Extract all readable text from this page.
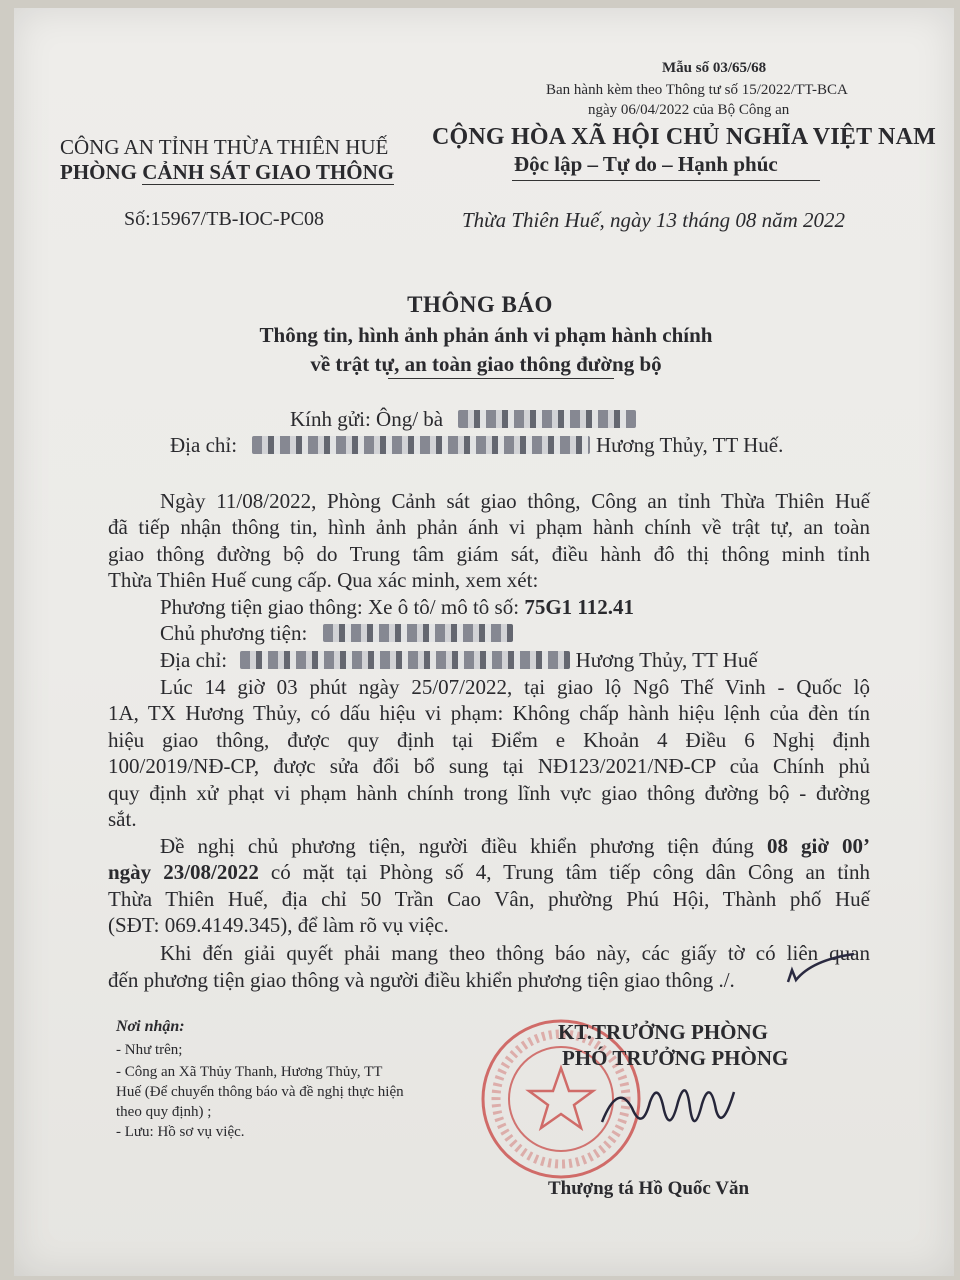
Mẫu số 03/65/68
Ban hành kèm theo Thông tư số 15/2022/TT-BCA
ngày 06/04/2022 của Bộ Công an
CÔNG AN TỈNH THỪA THIÊN HUẾ
PHÒNG CẢNH SÁT GIAO THÔNG
CỘNG HÒA XÃ HỘI CHỦ NGHĨA VIỆT NAM
Độc lập – Tự do – Hạnh phúc
Số:15967/TB-IOC-PC08	Thừa Thiên Huế, ngày 13 tháng 08 năm 2022
THÔNG BÁO
Thông tin, hình ảnh phản ánh vi phạm hành chính
về trật tự, an toàn giao thông đường bộ
Kính gửi: Ông/ bà
Địa chỉ:	Hương Thủy, TT Huế.
Ngày 11/08/2022, Phòng Cảnh sát giao thông, Công an tỉnh Thừa Thiên Huế
đã tiếp nhận thông tin, hình ảnh phản ánh vi phạm hành chính về trật tự, an toàn
giao thông đường bộ do Trung tâm giám sát, điều hành đô thị thông minh tỉnh
Thừa Thiên Huế cung cấp. Qua xác minh, xem xét:
Phương tiện giao thông: Xe ô tô/ mô tô số: 75G1 112.41
Chủ phương tiện:
Địa chỉ:	Hương Thủy, TT Huế
Lúc 14 giờ 03 phút ngày 25/07/2022, tại giao lộ Ngô Thế Vinh - Quốc lộ
1A, TX Hương Thủy, có dấu hiệu vi phạm: Không chấp hành hiệu lệnh của đèn tín
hiệu giao thông, được quy định tại Điểm e Khoản 4 Điều 6 Nghị định
100/2019/NĐ-CP, được sửa đổi bổ sung tại NĐ123/2021/NĐ-CP của Chính phủ
quy định xử phạt vi phạm hành chính trong lĩnh vực giao thông đường bộ - đường
sắt.
Đề nghị chủ phương tiện, người điều khiển phương tiện đúng 08 giờ 00’
ngày 23/08/2022 có mặt tại Phòng số 4, Trung tâm tiếp công dân Công an tỉnh
Thừa Thiên Huế, địa chỉ 50 Trần Cao Vân, phường Phú Hội, Thành phố Huế
(SĐT: 069.4149.345), để làm rõ vụ việc.
Khi đến giải quyết phải mang theo thông báo này, các giấy tờ có liên quan
đến phương tiện giao thông và người điều khiển phương tiện giao thông ./.
Nơi nhận:
- Như trên;
- Công an Xã Thủy Thanh, Hương Thủy, TT
Huế (Để chuyển thông báo và đề nghị thực hiện
theo quy định) ;
- Lưu: Hồ sơ vụ việc.
KT.TRƯỞNG PHÒNG
PHÓ TRƯỞNG PHÒNG
Thượng tá Hồ Quốc Văn
